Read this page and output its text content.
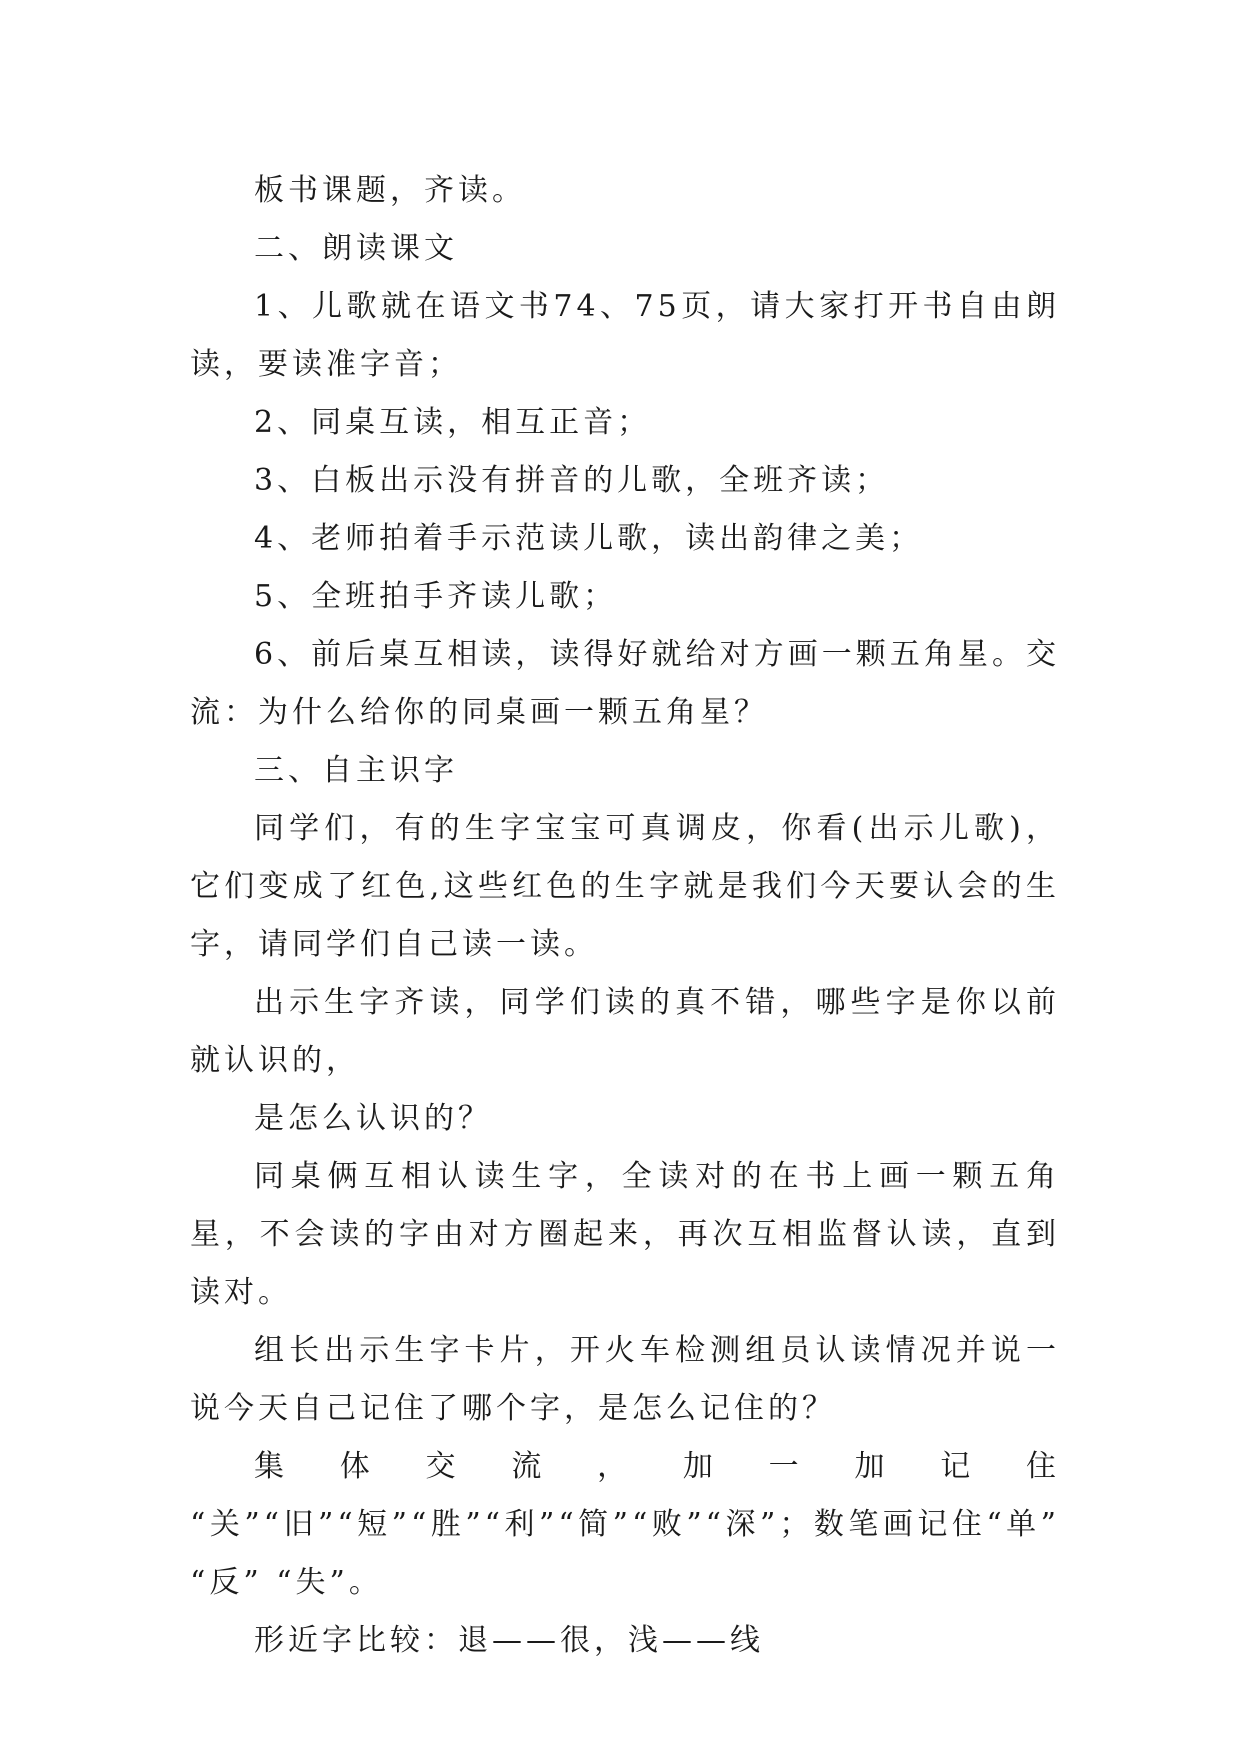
板书课题，齐读。

二、朗读课文

1、儿歌就在语文书74、75页，请大家打开书自由朗读，要读准字音；

2、同桌互读，相互正音；

3、白板出示没有拼音的儿歌，全班齐读；

4、老师拍着手示范读儿歌，读出韵律之美；

5、全班拍手齐读儿歌；

6、前后桌互相读，读得好就给对方画一颗五角星。交流：为什么给你的同桌画一颗五角星？

三、自主识字

同学们，有的生字宝宝可真调皮，你看(出示儿歌)，它们变成了红色,这些红色的生字就是我们今天要认会的生字，请同学们自己读一读。

出示生字齐读，同学们读的真不错，哪些字是你以前就认识的，

是怎么认识的？

同桌俩互相认读生字，全读对的在书上画一颗五角星，不会读的字由对方圈起来，再次互相监督认读，直到读对。

组长出示生字卡片，开火车检测组员认读情况并说一说今天自己记住了哪个字，是怎么记住的？

集体交流，加一加记住 “关”“旧”“短”“胜”“利”“简”“败”“深”；数笔画记住“单” “反” “失”。

形近字比较：退——很，浅——线
